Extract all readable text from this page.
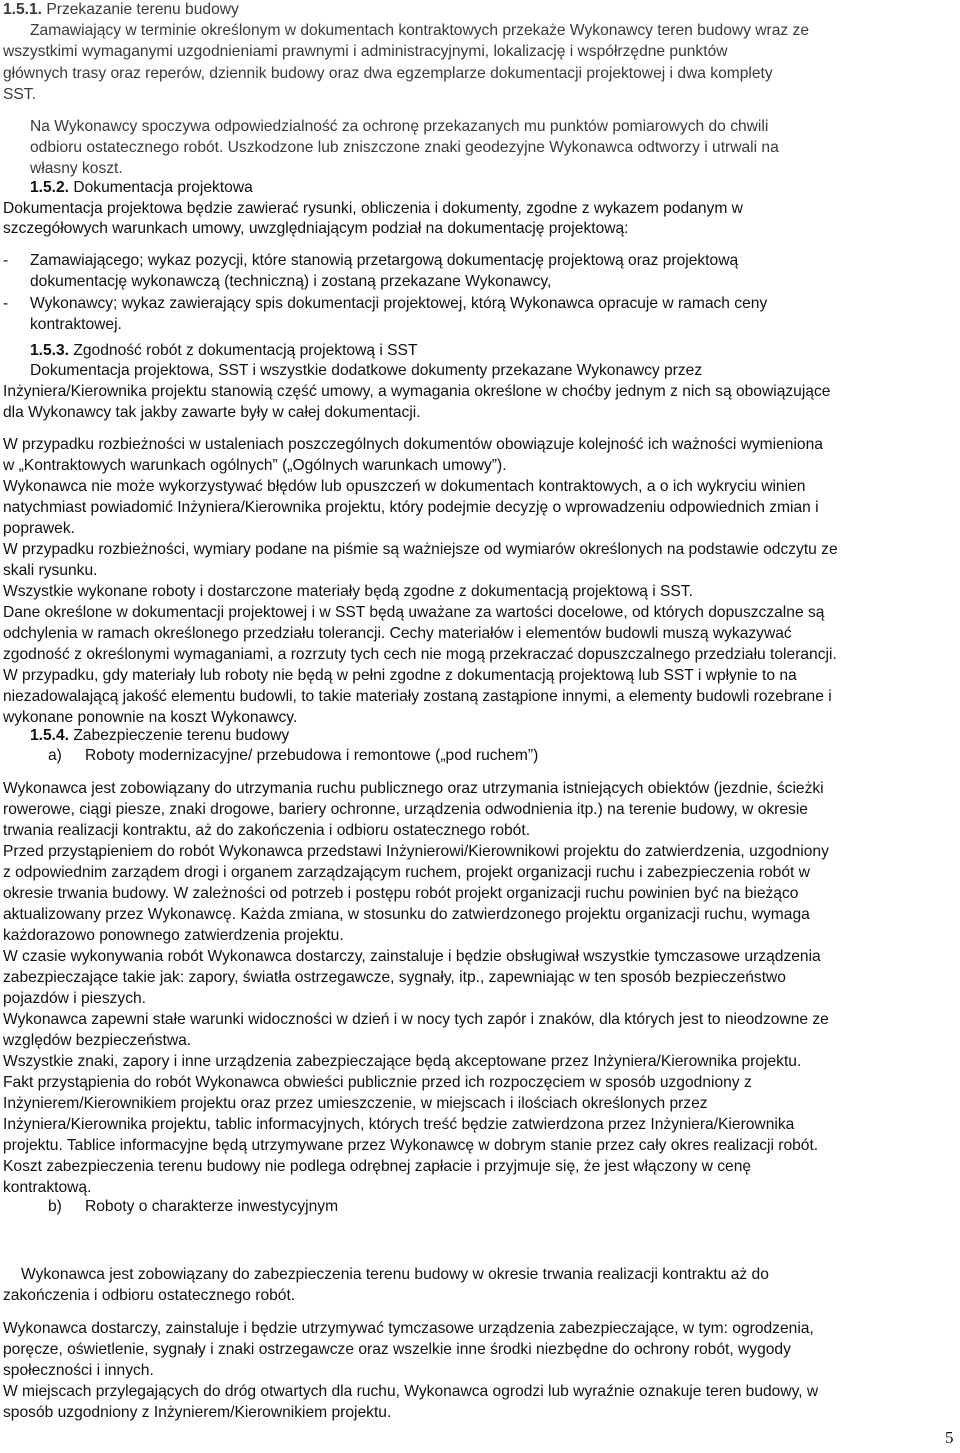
1.5.1. Przekazanie terenu budowy
Zamawiający w terminie określonym w dokumentach kontraktowych przekaże Wykonawcy teren budowy wraz ze
wszystkimi wymaganymi uzgodnieniami prawnymi i administracyjnymi, lokalizację i współrzędne punktów
głównych trasy oraz reperów, dziennik budowy oraz dwa egzemplarze dokumentacji projektowej i dwa komplety
SST.
Na Wykonawcy spoczywa odpowiedzialność za ochronę przekazanych mu punktów pomiarowych do chwili
odbioru ostatecznego robót. Uszkodzone lub zniszczone znaki geodezyjne Wykonawca odtworzy i utrwali na
własny koszt.
1.5.2. Dokumentacja projektowa
Dokumentacja projektowa będzie zawierać rysunki, obliczenia i dokumenty, zgodne z wykazem podanym w
szczegółowych warunkach umowy, uwzględniającym podział na dokumentację projektową:
- Zamawiającego; wykaz pozycji, które stanowią przetargową dokumentację projektową oraz projektową
dokumentację wykonawczą (techniczną) i zostaną przekazane Wykonawcy,
- Wykonawcy; wykaz zawierający spis dokumentacji projektowej, którą Wykonawca opracuje w ramach ceny
kontraktowej.
1.5.3. Zgodność robót z dokumentacją projektową i SST
Dokumentacja projektowa, SST i wszystkie dodatkowe dokumenty przekazane Wykonawcy przez
Inżyniera/Kierownika projektu stanowią część umowy, a wymagania określone w choćby jednym z nich są obowiązujące
dla Wykonawcy tak jakby zawarte były w całej dokumentacji.
W przypadku rozbieżności w ustaleniach poszczególnych dokumentów obowiązuje kolejność ich ważności wymieniona
w „Kontraktowych warunkach ogólnych” („Ogólnych warunkach umowy”).
Wykonawca nie może wykorzystywać błędów lub opuszczeń w dokumentach kontraktowych, a o ich wykryciu winien
natychmiast powiadomić Inżyniera/Kierownika projektu, który podejmie decyzję o wprowadzeniu odpowiednich zmian i
poprawek.
W przypadku rozbieżności, wymiary podane na piśmie są ważniejsze od wymiarów określonych na podstawie odczytu ze
skali rysunku.
Wszystkie wykonane roboty i dostarczone materiały będą zgodne z dokumentacją projektową i SST.
Dane określone w dokumentacji projektowej i w SST będą uważane za wartości docelowe, od których dopuszczalne są
odchylenia w ramach określonego przedziału tolerancji. Cechy materiałów i elementów budowli muszą wykazywać
zgodność z określonymi wymaganiami, a rozrzuty tych cech nie mogą przekraczać dopuszczalnego przedziału tolerancji.
W przypadku, gdy materiały lub roboty nie będą w pełni zgodne z dokumentacją projektową lub SST i wpłynie to na
niezadowalającą jakość elementu budowli, to takie materiały zostaną zastąpione innymi, a elementy budowli rozebrane i
wykonane ponownie na koszt Wykonawcy.
1.5.4. Zabezpieczenie terenu budowy
a) Roboty modernizacyjne/ przebudowa i remontowe („pod ruchem”)
Wykonawca jest zobowiązany do utrzymania ruchu publicznego oraz utrzymania istniejących obiektów (jezdnie, ścieżki
rowerowe, ciągi piesze, znaki drogowe, bariery ochronne, urządzenia odwodnienia itp.) na terenie budowy, w okresie
trwania realizacji kontraktu, aż do zakończenia i odbioru ostatecznego robót.
Przed przystąpieniem do robót Wykonawca przedstawi Inżynierowi/Kierownikowi projektu do zatwierdzenia, uzgodniony
z odpowiednim zarządem drogi i organem zarządzającym ruchem, projekt organizacji ruchu i zabezpieczenia robót w
okresie trwania budowy. W zależności od potrzeb i postępu robót projekt organizacji ruchu powinien być na bieżąco
aktualizowany przez Wykonawcę. Każda zmiana, w stosunku do zatwierdzonego projektu organizacji ruchu, wymaga
każdorazowo ponownego zatwierdzenia projektu.
W czasie wykonywania robót Wykonawca dostarczy, zainstaluje i będzie obsługiwał wszystkie tymczasowe urządzenia
zabezpieczające takie jak: zapory, światła ostrzegawcze, sygnały, itp., zapewniając w ten sposób bezpieczeństwo
pojazdów i pieszych.
Wykonawca zapewni stałe warunki widoczności w dzień i w nocy tych zapór i znaków, dla których jest to nieodzowne ze
względów bezpieczeństwa.
Wszystkie znaki, zapory i inne urządzenia zabezpieczające będą akceptowane przez Inżyniera/Kierownika projektu.
Fakt przystąpienia do robót Wykonawca obwieści publicznie przed ich rozpoczęciem w sposób uzgodniony z
Inżynierem/Kierownikiem projektu oraz przez umieszczenie, w miejscach i ilościach określonych przez
Inżyniera/Kierownika projektu, tablic informacyjnych, których treść będzie zatwierdzona przez Inżyniera/Kierownika
projektu. Tablice informacyjne będą utrzymywane przez Wykonawcę w dobrym stanie przez cały okres realizacji robót.
Koszt zabezpieczenia terenu budowy nie podlega odrębnej zapłacie i przyjmuje się, że jest włączony w cenę
kontraktową.
b) Roboty o charakterze inwestycyjnym
Wykonawca jest zobowiązany do zabezpieczenia terenu budowy w okresie trwania realizacji kontraktu aż do
zakończenia i odbioru ostatecznego robót.
Wykonawca dostarczy, zainstaluje i będzie utrzymywać tymczasowe urządzenia zabezpieczające, w tym: ogrodzenia,
poręcze, oświetlenie, sygnały i znaki ostrzegawcze oraz wszelkie inne środki niezbędne do ochrony robót, wygody
społeczności i innych.
W miejscach przylegających do dróg otwartych dla ruchu, Wykonawca ogrodzi lub wyraźnie oznakuje teren budowy, w
sposób uzgodniony z Inżynierem/Kierownikiem projektu.
5
